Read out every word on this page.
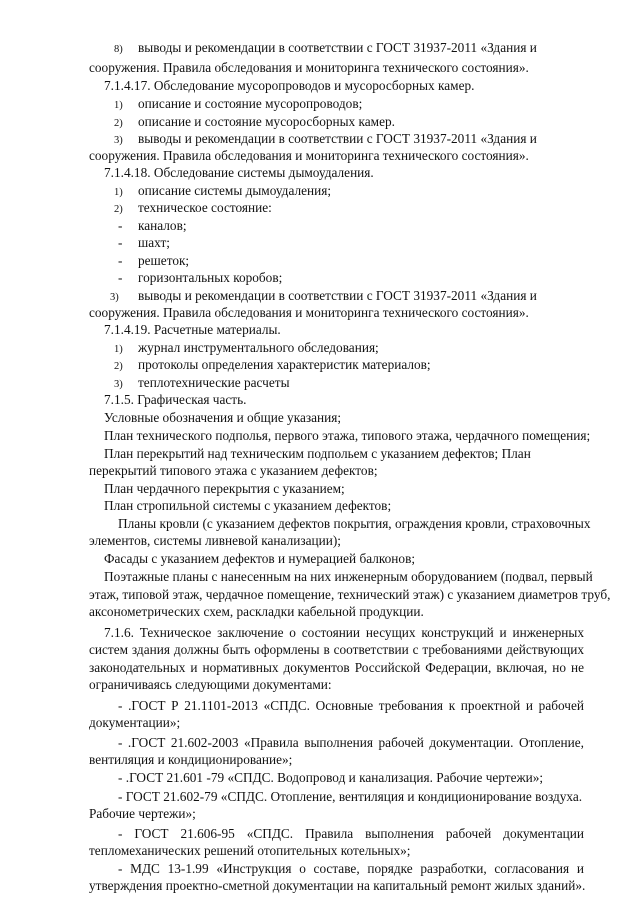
8) выводы и рекомендации в соответствии с ГОСТ 31937-2011 «Здания и
сооружения. Правила обследования и мониторинга технического состояния».
7.1.4.17. Обследование мусоропроводов и мусоросборных камер.
1) описание и состояние мусоропроводов;
2) описание и состояние мусоросборных камер.
3) выводы и рекомендации в соответствии с ГОСТ 31937-2011 «Здания и
сооружения. Правила обследования и мониторинга технического состояния».
7.1.4.18. Обследование системы дымоудаления.
1) описание системы дымоудаления;
2) техническое состояние:
- каналов;
- шахт;
- решеток;
- горизонтальных коробов;
3) выводы и рекомендации в соответствии с ГОСТ 31937-2011 «Здания и
сооружения. Правила обследования и мониторинга технического состояния».
7.1.4.19. Расчетные материалы.
1) журнал инструментального обследования;
2) протоколы определения характеристик материалов;
3) теплотехнические расчеты
7.1.5. Графическая часть.
Условные обозначения и общие указания;
План технического подполья, первого этажа, типового этажа, чердачного помещения;
План перекрытий над техническим подпольем с указанием дефектов; План
перекрытий типового этажа с указанием дефектов;
План чердачного перекрытия с указанием;
План стропильной системы с указанием дефектов;
Планы кровли (с указанием дефектов покрытия, ограждения кровли, страховочных
элементов, системы ливневой канализации);
Фасады с указанием дефектов и нумерацией балконов;
Поэтажные планы с нанесенным на них инженерным оборудованием (подвал, первый
этаж, типовой этаж, чердачное помещение, технический этаж) с указанием диаметров труб,
аксонометрических схем, раскладки кабельной продукции.
7.1.6. Техническое заключение о состоянии несущих конструкций и инженерных
систем здания должны быть оформлены в соответствии с требованиями действующих
законодательных и нормативных документов Российской Федерации, включая, но не
ограничиваясь следующими документами:
- .ГОСТ Р 21.1101-2013 «СПДС. Основные требования к проектной и рабочей
документации»;
- .ГОСТ 21.602-2003 «Правила выполнения рабочей документации. Отопление,
вентиляция и кондиционирование»;
- .ГОСТ 21.601 -79 «СПДС. Водопровод и канализация. Рабочие чертежи»;
- ГОСТ 21.602-79 «СПДС. Отопление, вентиляция и кондиционирование воздуха.
Рабочие чертежи»;
- ГОСТ 21.606-95 «СПДС. Правила выполнения рабочей документации
тепломеханических решений отопительных котельных»;
- МДС 13-1.99 «Инструкция о составе, порядке разработки, согласования и
утверждения проектно-сметной документации на капитальный ремонт жилых зданий».
